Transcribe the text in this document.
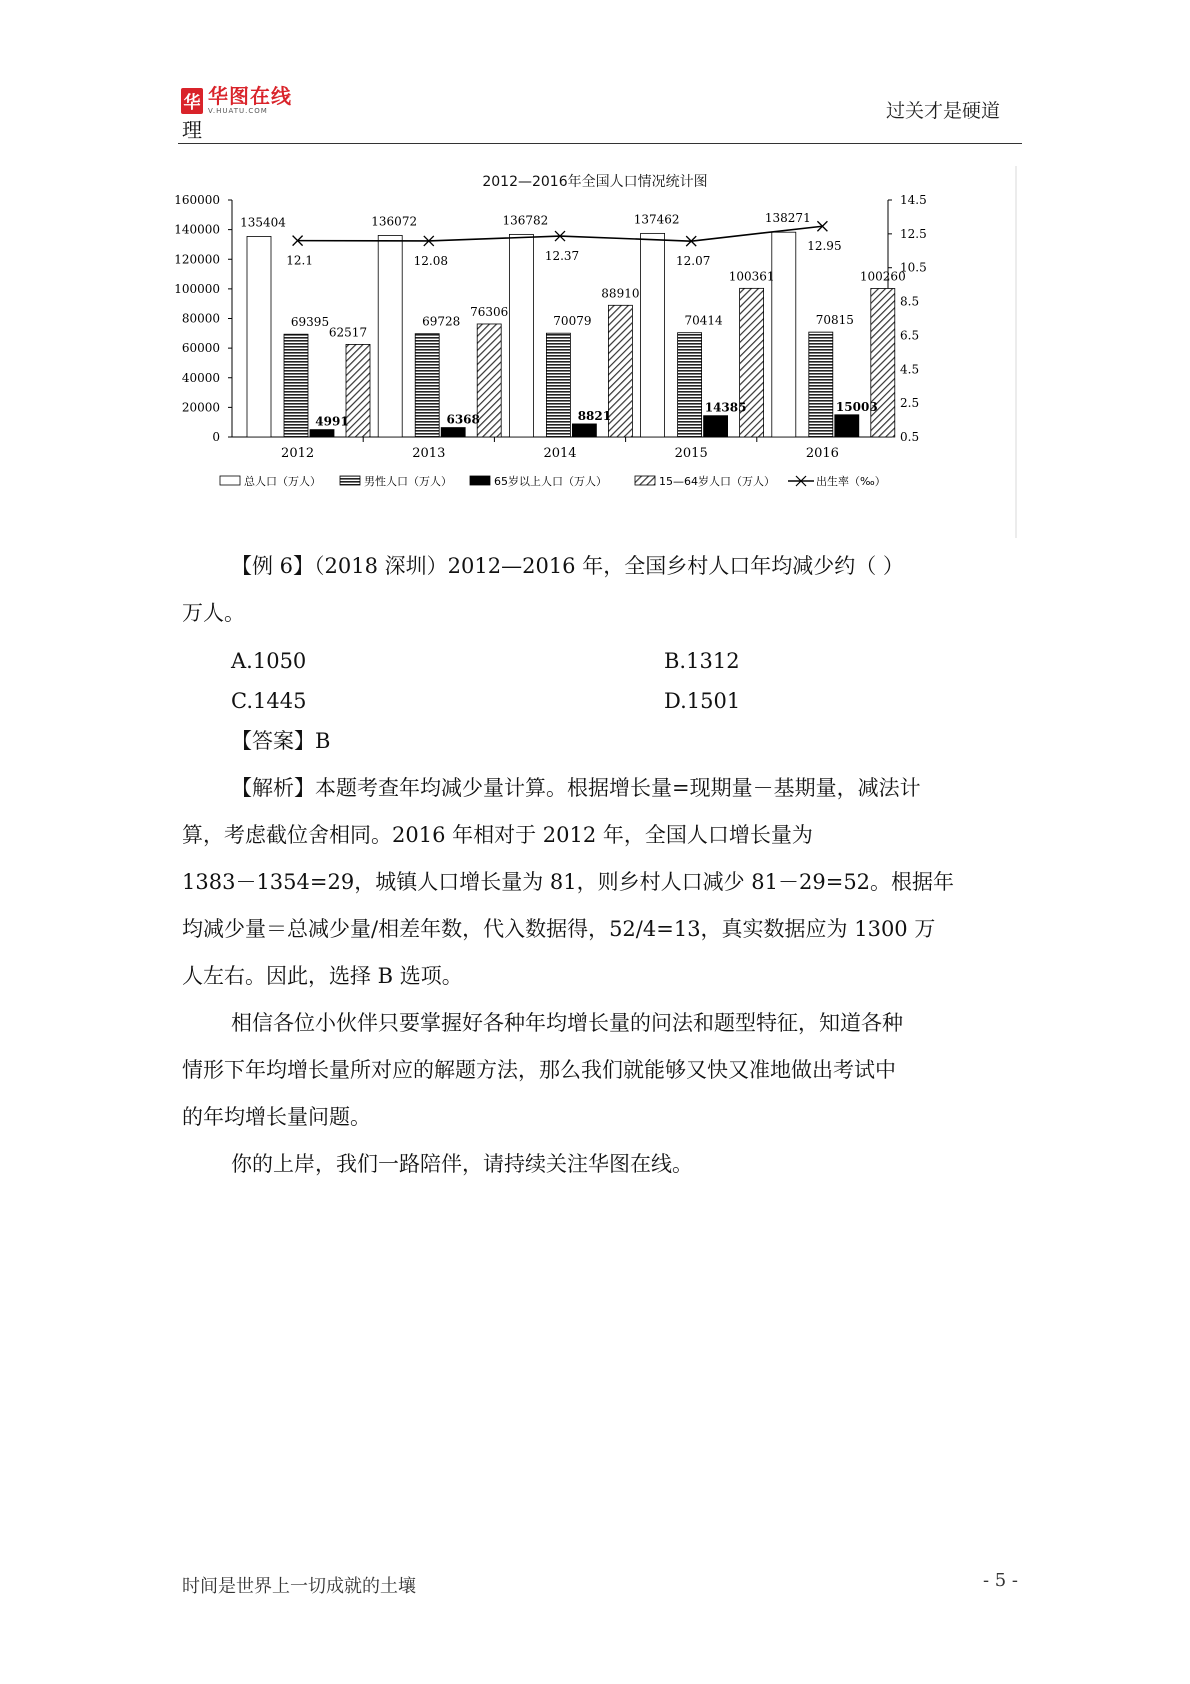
华 华图在线
V.HUATU.COM
理
过关才是硬道
2012—2016年全国人口情况统计图
0
20000
40000
60000
80000
100000
120000
140000
160000
0.5
2.5
4.5
6.5
8.5
10.5
12.5
14.5
2012	2013	2014	2015	2016
135404
69395
4991
62517
12.1
136072
69728
6368
76306
12.08
136782
70079
8821
88910
12.37
137462
70414
14385
100361
12.07
138271
70815
15003
100260
12.95
总人口（万人）	男性人口（万人）	65岁以上人口（万人）	15—64岁人口（万人）	出生率（‰）
【例 6】（2018 深圳）2012—2016 年，全国乡村人口年均减少约（ ）
万人。
A.1050	B.1312
C.1445	D.1501
【答案】B
【解析】本题考查年均减少量计算。根据增长量=现期量－基期量，减法计
算，考虑截位舍相同。2016 年相对于 2012 年，全国人口增长量为
1383－1354=29，城镇人口增长量为 81，则乡村人口减少 81－29=52。根据年
均减少量＝总减少量/相差年数，代入数据得，52/4=13，真实数据应为 1300 万
人左右。因此，选择 B 选项。
相信各位小伙伴只要掌握好各种年均增长量的问法和题型特征，知道各种
情形下年均增长量所对应的解题方法，那么我们就能够又快又准地做出考试中
的年均增长量问题。
你的上岸，我们一路陪伴，请持续关注华图在线。
时间是世界上一切成就的土壤	- 5 -
